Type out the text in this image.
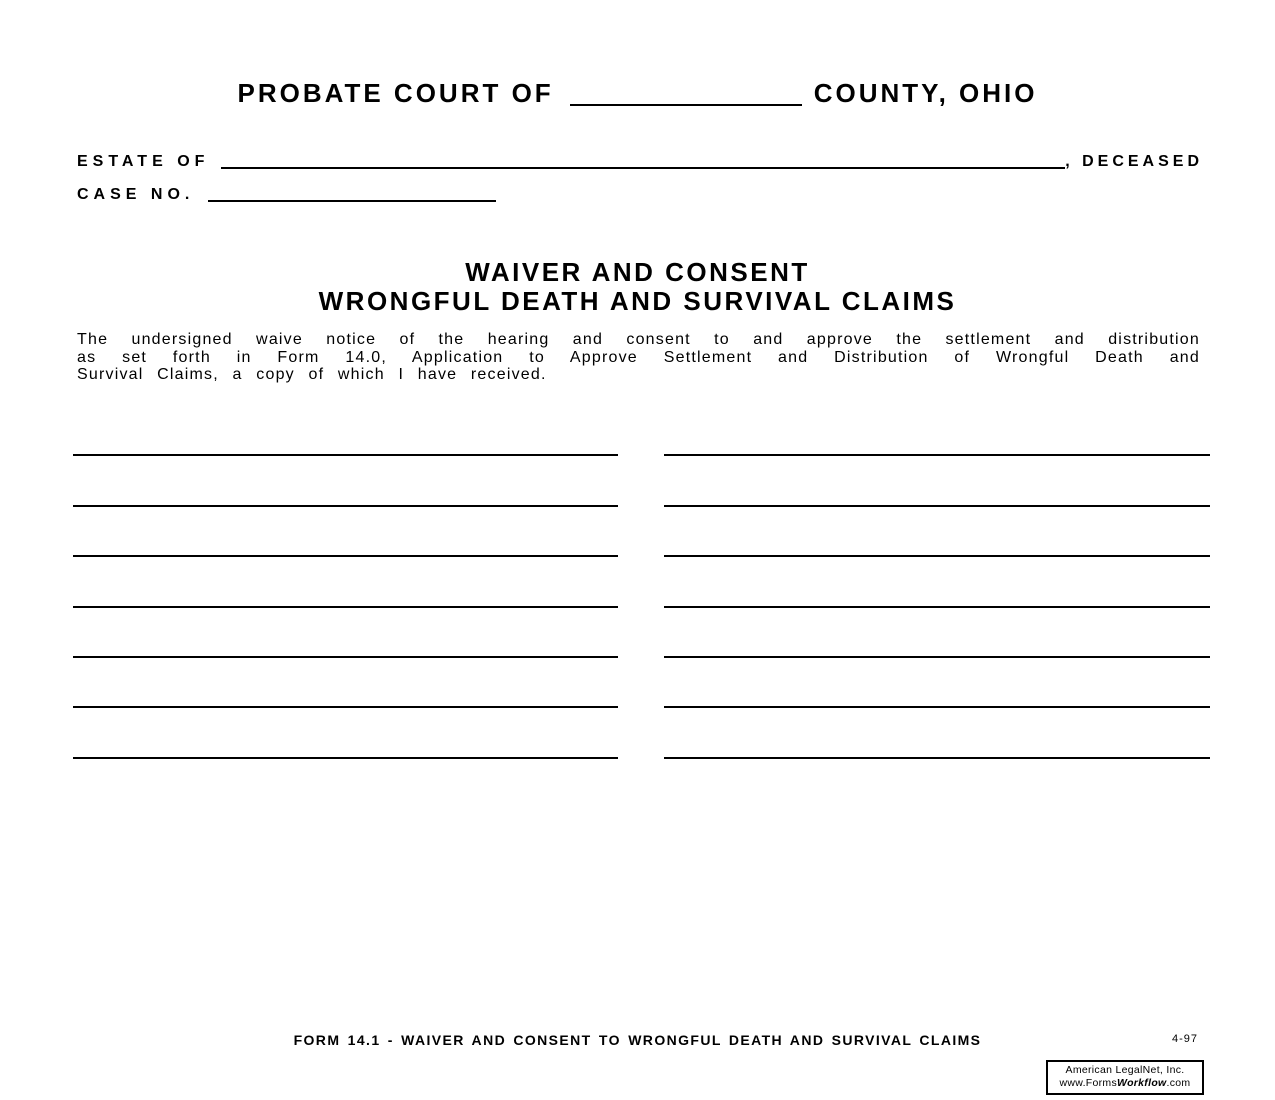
PROBATE COURT OF	COUNTY, OHIO
ESTATE OF	, DECEASED
CASE NO.
WAIVER AND CONSENT
WRONGFUL DEATH AND SURVIVAL CLAIMS
The undersigned waive notice of the hearing and consent to and approve the settlement and distribution
as set forth in Form 14.0, Application to Approve Settlement and Distribution of Wrongful Death and
Survival Claims, a copy of which I have received.
FORM 14.1 - WAIVER AND CONSENT TO WRONGFUL DEATH AND SURVIVAL CLAIMS	4-97
American LegalNet, Inc.
www.FormsWorkflow.com
